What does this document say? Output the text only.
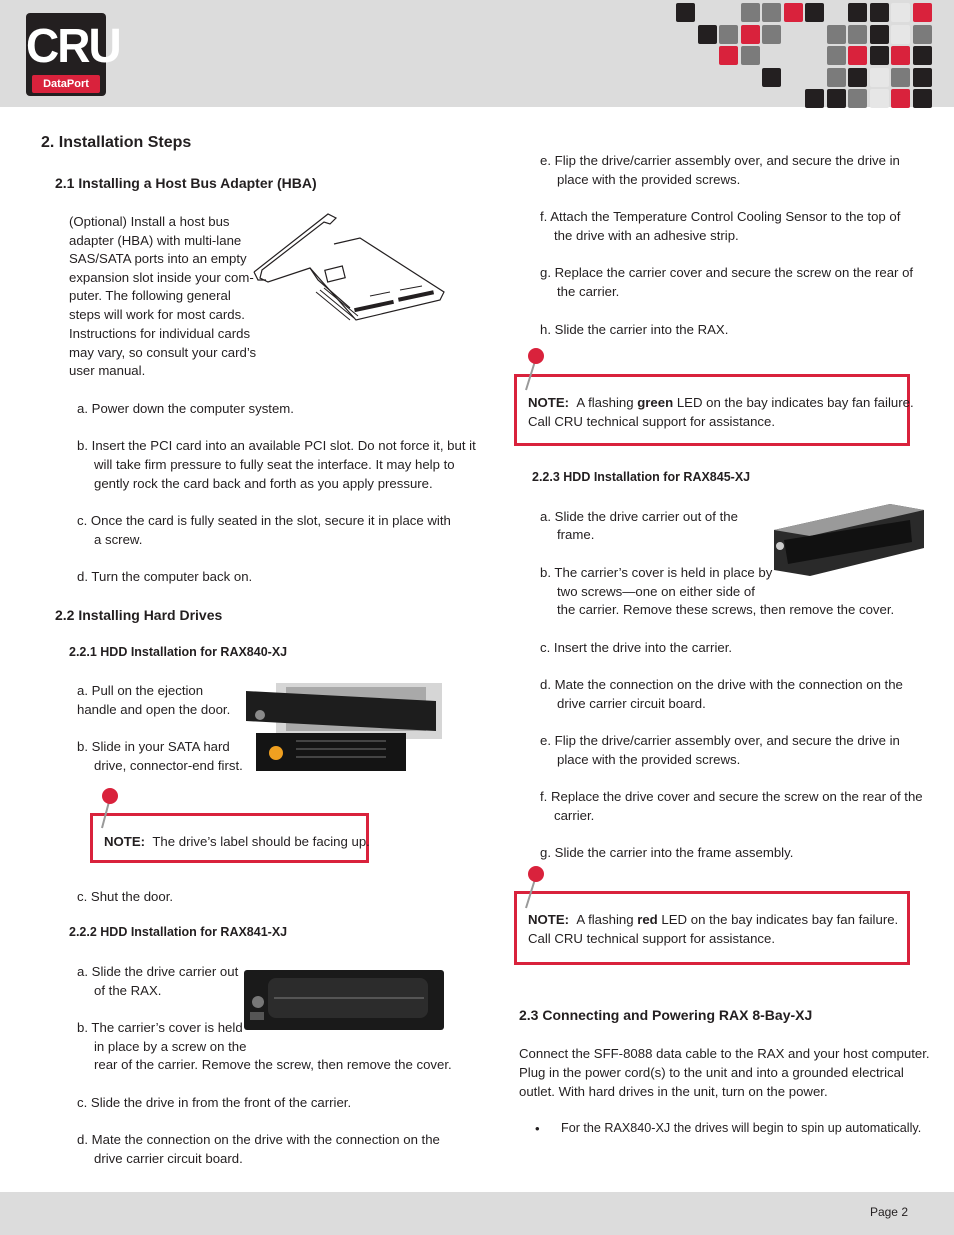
CRU
DataPort
2. Installation Steps
2.1 Installing a Host Bus Adapter (HBA)
(Optional) Install a host bus
adapter (HBA) with multi-lane
SAS/SATA ports into an empty
expansion slot inside your com-
puter. The following general
steps will work for most cards.
Instructions for individual cards
may vary, so consult your card’s
user manual.
a. Power down the computer system.
b. Insert the PCI card into an available PCI slot. Do not force it, but it
will take firm pressure to fully seat the interface. It may help to
gently rock the card back and forth as you apply pressure.
c. Once the card is fully seated in the slot, secure it in place with
a screw.
d. Turn the computer back on.
2.2 Installing Hard Drives
2.2.1 HDD Installation for RAX840-XJ
a. Pull on the ejection
handle and open the door.
b. Slide in your SATA hard
drive, connector-end first.
NOTE: The drive’s label should be facing up.
c. Shut the door.
2.2.2 HDD Installation for RAX841-XJ
a. Slide the drive carrier out
of the RAX.
b. The carrier’s cover is held
in place by a screw on the
rear of the carrier. Remove the screw, then remove the cover.
c. Slide the drive in from the front of the carrier.
d. Mate the connection on the drive with the connection on the
drive carrier circuit board.
e. Flip the drive/carrier assembly over, and secure the drive in
place with the provided screws.
f. Attach the Temperature Control Cooling Sensor to the top of
the drive with an adhesive strip.
g. Replace the carrier cover and secure the screw on the rear of
the carrier.
h. Slide the carrier into the RAX.
NOTE: A flashing green LED on the bay indicates bay fan failure.
Call CRU technical support for assistance.
2.2.3 HDD Installation for RAX845-XJ
a. Slide the drive carrier out of the
frame.
b. The carrier’s cover is held in place by
two screws—one on either side of
the carrier. Remove these screws, then remove the cover.
c. Insert the drive into the carrier.
d. Mate the connection on the drive with the connection on the
drive carrier circuit board.
e. Flip the drive/carrier assembly over, and secure the drive in
place with the provided screws.
f. Replace the drive cover and secure the screw on the rear of the
carrier.
g. Slide the carrier into the frame assembly.
NOTE: A flashing red LED on the bay indicates bay fan failure.
Call CRU technical support for assistance.
2.3 Connecting and Powering RAX 8-Bay-XJ
Connect the SFF-8088 data cable to the RAX and your host computer.
Plug in the power cord(s) to the unit and into a grounded electrical
outlet. With hard drives in the unit, turn on the power.
• For the RAX840-XJ the drives will begin to spin up automatically.
Page 2
